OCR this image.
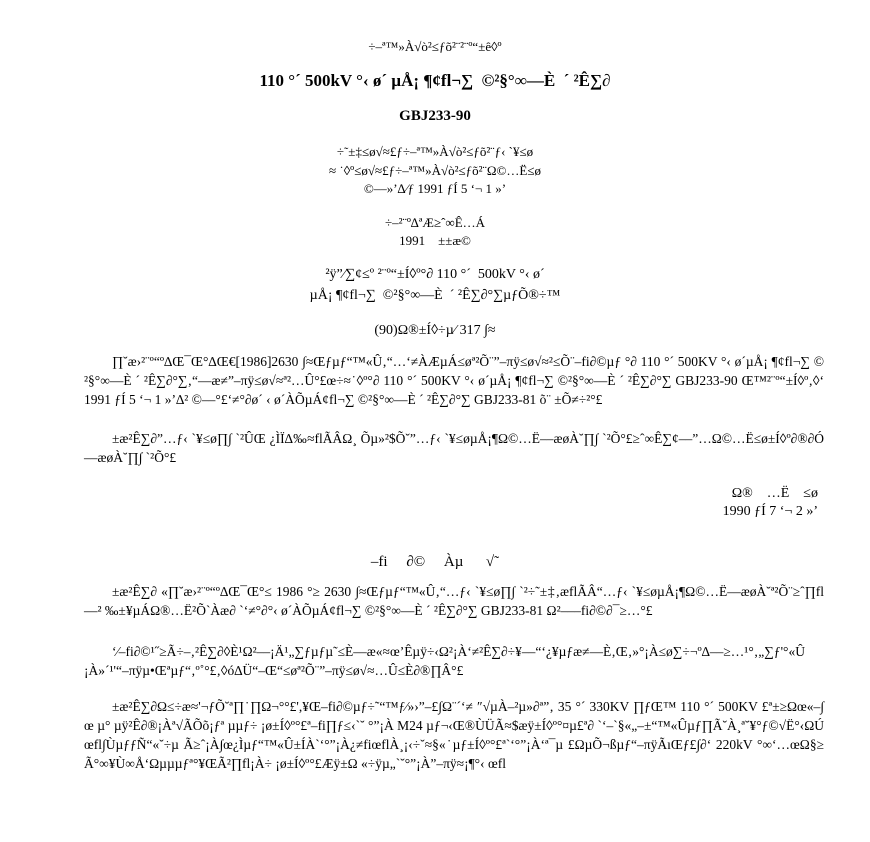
÷–ª™»À√ò²≤ƒõ²¨²¨º“±ê◊º
110 °´ 500kV °‹ ø´ µÅ¡ ¶¢fl¬∑  ©²§°∞—È  ´ ²Ê∑∂
GBJ233-90
÷˜±‡≤ø√≈£ƒ÷–ª™»À√ò²≤ƒõ²¨ƒ‹ `¥≤ø
≈ ˙◊º≤ø√≈£ƒ÷–ª™»À√ò²≤ƒõ²¨Ω©…Ë≤ø
©––»’∆⁄ƒ 1991 ƒÍ 5 ‘¬ 1 »’
÷–²¨º∆ªÆ≥ˆ∞Ê…Á
1991    ±±æ©
²ÿ”⁄∑¢≤º ²¨º“±Í◊º°∂ 110 °´  500kV °‹ ø´
µÅ¡ ¶¢fl¬∑  ©²§°∞—È  ´ ²Ê∑∂°∑µƒÕ®÷™
(90)Ω®±Í◊÷µ⁄ 317 ∫≈
∏˘æ›²¨º“º∆Œ¯Œ°∆Œ€[1986]2630 ∫≈Œƒµƒ“™«Û‚“…‘≠ÀÆµÁ≤øª²Õ¨”–πÿ≤ø√≈²≤Õ¨–fi∂©µƒ °∂ 110 °´ 500KV °‹ ø´µÅ¡ ¶¢fl¬∑ ©²§°∞—È ´ ²Ê∑∂°∑‚“—æ≠”–πÿ≤ø√≈ª²…Û°£œ÷≈˙◊º°∂ 110 °´ 500KV °‹ ø´µÅ¡ ¶¢fl¬∑ ©²§°∞—È ´ ²Ê∑∂°∑ GBJ233-90 Œ™²¨º“±Í◊º‚◊‘ 1991 ƒÍ 5 ‘¬ 1 »’∆² ©––°£‘≠°∂ø´ ‹ ø´ÀÕµÁ¢fl¬∑ ©²§°∞—È ´ ²Ê∑∂°∑ GBJ233-81 õ¨ ±Õ≠÷²°£
±æ²Ê∑∂”…ƒ‹ `¥≤ø∏∫ `²ÛŒ ¿ÌÏ∆‰≈flÃÂΩ¸ Õµ»²$Õ˘”…ƒ‹ `¥≤øµÅ¡¶Ω©…Ë––æøÀ˘∏∫ `²Õ°£≥ˆ∞Ê∑¢––”…Ω©…Ë≤ø±Í◊º∂®∂Ó––æøÀ˘∏∫ `²Õ°£
Ω®    …Ë    ≤ø
1990 ƒÍ 7 ‘¬ 2 »’
–fi     ∂©     Àµ      √˜
±æ²Ê∑∂ «∏˘æ›²¨º“º∆Œ¯Œ°≤ 1986 °≥ 2630 ∫≈Œƒµƒ“™«Û‚“…ƒ‹ `¥≤ø∏∫ `²÷˜±‡‚æflÃÂ“…ƒ‹ `¥≤øµÅ¡¶Ω©…Ë––æøÀ˘ª²Õ¨≥ˆ∏fl—² ‰±¥µÁΩ®…Ë²Õ`Àæ∂ `‘≠°∂°‹ ø´ÀÕµÁ¢fl¬∑ ©²§°∞—È ´ ²Ê∑∂°∑ GBJ233-81 Ω²–––fi∂©∂¯≥…°£
‘⁄–fi∂©¹˝≥Ã÷–‚²Ê∑∂◊È¹Ω²––¡Ä¹„∑ƒµƒµ˜≤È––æ«≈œ’Êµÿ÷‹Ω²¡À‘≠²Ê∑∂÷¥––“‘¿¥µƒæ≠—È‚Œ‚»°¡À≤ø∑÷¬º∆––≥…¹°‚„∑ƒ'°«Û¡À»´¹'“–πÿµ•Œªµƒ“‚º˚°£‚◊ó∆Ü“–Œ“≤øª²Õ¨”–πÿ≤ø√≈…Û≤È∂®∏Â°£
±æ²Ê∑∂Ω≤÷æ≈'¬ƒÕ˘ª∏˙∏Ω¬°°£',¥Œ–fi∂©µƒ÷˜“™ƒ⁄»›”–£∫Ω¨´‘≠ ″√µÀ–²µ»∂ª”‚ 35 °´ 330KV ∏ƒŒ™ 110 °´ 500KV £ª±≥Ωœ«–∫œ µ° µÿ²Ê∂®¡Àª√ÃÕõ¡ƒª µµƒ÷ ¡ø±Í◊º°£ª–fi∏ƒ≤‹`˘ °”¡À M24 µƒ¬‹Œ®ÙÜÃ≈$æÿ±Í◊º°¤µ£ª∂ `‘–`§«„–±“™«Ûµƒ∏Ã˘À¸ª˘¥°ƒ©√Ë°‹ΩÚœfl∫ÙµƒƒÑ“«˘÷µ Ã≥ˆ¡À∫œ¿Ìµƒ“™«Û±ÍÀ`‘°”¡À¿≠fiœflÀ¸¡‹÷˘≈§«˙µƒ±Í◊º°£ª`‘°”¡À‘ª¯µ £ΩµÕ¬ßµƒ“–πÿÃıŒƒ£∫∂‘ 220kV °∞‘…œΩ§≥Ã°∞¥Ù∞Å‘Ωµµµƒª°¥ŒÃ²∏fl¡À÷ ¡ø±Í◊º°£Æÿ±Ω «÷ÿµ„`˘°”¡À”–πÿ≈¡¶°‹ œfl
